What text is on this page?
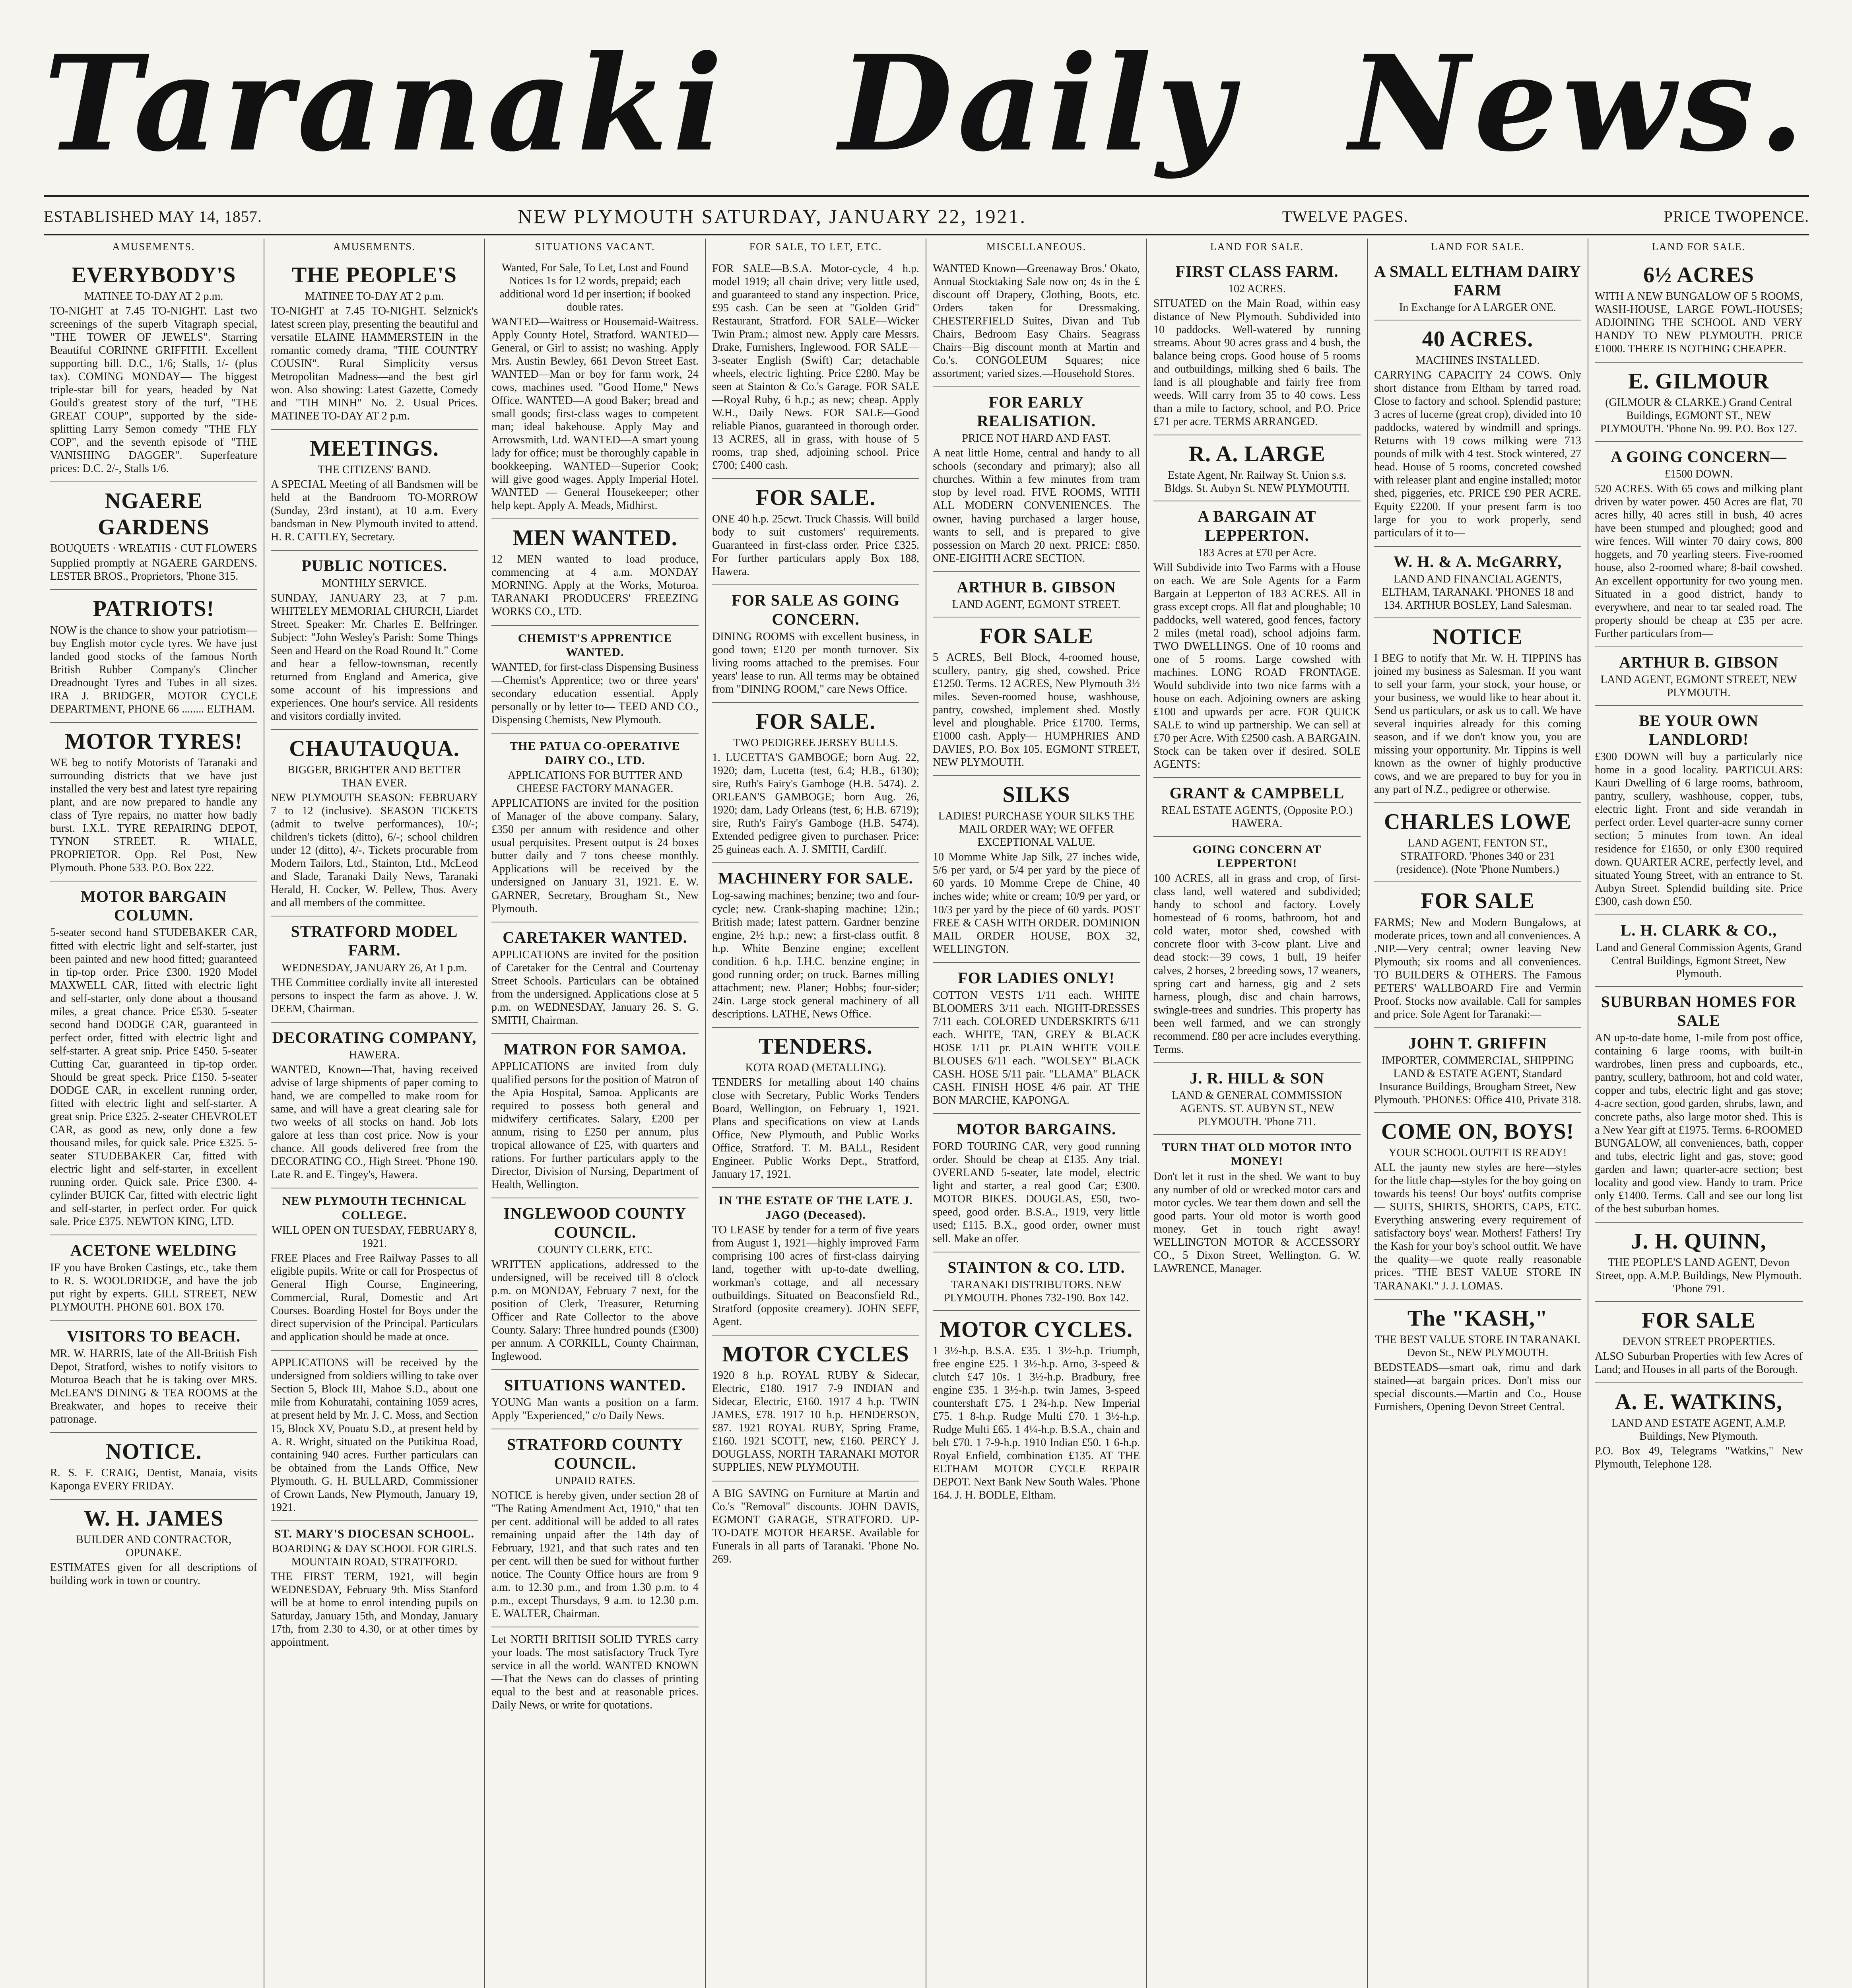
Taranaki Daily News.
ESTABLISHED MAY 14, 1857.	NEW PLYMOUTH SATURDAY, JANUARY 22, 1921.	TWELVE PAGES.	PRICE TWOPENCE.
AMUSEMENTS.
EVERYBODY'S
MATINEE TO-DAY AT 2 p.m.
TO-NIGHT at 7.45 TO-NIGHT. Last two screenings of the superb Vitagraph special, "THE TOWER OF JEWELS". Starring Beautiful CORINNE GRIFFITH. Excellent supporting bill. D.C., 1/6; Stalls, 1/- (plus tax). COMING MONDAY— The biggest triple-star bill for years, headed by Nat Gould's greatest story of the turf, "THE GREAT COUP", supported by the side-splitting Larry Semon comedy "THE FLY COP", and the seventh episode of "THE VANISHING DAGGER". Superfeature prices: D.C. 2/-, Stalls 1/6.
NGAERE GARDENS
BOUQUETS · WREATHS · CUT FLOWERS
Supplied promptly at NGAERE GARDENS. LESTER BROS., Proprietors, 'Phone 315.
PATRIOTS!
NOW is the chance to show your patriotism—buy English motor cycle tyres. We have just landed good stocks of the famous North British Rubber Company's Clincher Dreadnought Tyres and Tubes in all sizes. IRA J. BRIDGER, MOTOR CYCLE DEPARTMENT, PHONE 66 ........ ELTHAM.
MOTOR TYRES!
WE beg to notify Motorists of Taranaki and surrounding districts that we have just installed the very best and latest tyre repairing plant, and are now prepared to handle any class of Tyre repairs, no matter how badly burst. I.X.L. TYRE REPAIRING DEPOT, TYNON STREET. R. WHALE, PROPRIETOR. Opp. Rel Post, New Plymouth. Phone 533. P.O. Box 222.
MOTOR BARGAIN COLUMN.
5-seater second hand STUDEBAKER CAR, fitted with electric light and self-starter, just been painted and new hood fitted; guaranteed in tip-top order. Price £300. 1920 Model MAXWELL CAR, fitted with electric light and self-starter, only done about a thousand miles, a great chance. Price £530. 5-seater second hand DODGE CAR, guaranteed in perfect order, fitted with electric light and self-starter. A great snip. Price £450. 5-seater Cutting Car, guaranteed in tip-top order. Should be great speck. Price £150. 5-seater DODGE CAR, in excellent running order, fitted with electric light and self-starter. A great snip. Price £325. 2-seater CHEVROLET CAR, as good as new, only done a few thousand miles, for quick sale. Price £325. 5-seater STUDEBAKER Car, fitted with electric light and self-starter, in excellent running order. Quick sale. Price £300. 4-cylinder BUICK Car, fitted with electric light and self-starter, in perfect order. For quick sale. Price £375. NEWTON KING, LTD.
ACETONE WELDING
IF you have Broken Castings, etc., take them to R. S. WOOLDRIDGE, and have the job put right by experts. GILL STREET, NEW PLYMOUTH. PHONE 601. BOX 170.
VISITORS TO BEACH.
MR. W. HARRIS, late of the All-British Fish Depot, Stratford, wishes to notify visitors to Moturoa Beach that he is taking over MRS. McLEAN'S DINING & TEA ROOMS at the Breakwater, and hopes to receive their patronage.
NOTICE.
R. S. F. CRAIG, Dentist, Manaia, visits Kaponga EVERY FRIDAY.
W. H. JAMES
BUILDER AND CONTRACTOR, OPUNAKE.
ESTIMATES given for all descriptions of building work in town or country.
AMUSEMENTS.
THE PEOPLE'S
MATINEE TO-DAY AT 2 p.m.
TO-NIGHT at 7.45 TO-NIGHT. Selznick's latest screen play, presenting the beautiful and versatile ELAINE HAMMERSTEIN in the romantic comedy drama, "THE COUNTRY COUSIN". Rural Simplicity versus Metropolitan Madness—and the best girl won. Also showing: Latest Gazette, Comedy and "TIH MINH" No. 2. Usual Prices. MATINEE TO-DAY AT 2 p.m.
MEETINGS.
THE CITIZENS' BAND.
A SPECIAL Meeting of all Bandsmen will be held at the Bandroom TO-MORROW (Sunday, 23rd instant), at 10 a.m. Every bandsman in New Plymouth invited to attend. H. R. CATTLEY, Secretary.
PUBLIC NOTICES.
MONTHLY SERVICE.
SUNDAY, JANUARY 23, at 7 p.m. WHITELEY MEMORIAL CHURCH, Liardet Street. Speaker: Mr. Charles E. Belfringer. Subject: "John Wesley's Parish: Some Things Seen and Heard on the Road Round It." Come and hear a fellow-townsman, recently returned from England and America, give some account of his impressions and experiences. One hour's service. All residents and visitors cordially invited.
CHAUTAUQUA.
BIGGER, BRIGHTER AND BETTER THAN EVER.
NEW PLYMOUTH SEASON: FEBRUARY 7 to 12 (inclusive). SEASON TICKETS (admit to twelve performances), 10/-; children's tickets (ditto), 6/-; school children under 12 (ditto), 4/-. Tickets procurable from Modern Tailors, Ltd., Stainton, Ltd., McLeod and Slade, Taranaki Daily News, Taranaki Herald, H. Cocker, W. Pellew, Thos. Avery and all members of the committee.
STRATFORD MODEL FARM.
WEDNESDAY, JANUARY 26, At 1 p.m.
THE Committee cordially invite all interested persons to inspect the farm as above. J. W. DEEM, Chairman.
DECORATING COMPANY,
HAWERA.
WANTED, Known—That, having received advise of large shipments of paper coming to hand, we are compelled to make room for same, and will have a great clearing sale for two weeks of all stocks on hand. Job lots galore at less than cost price. Now is your chance. All goods delivered free from the DECORATING CO., High Street. 'Phone 190. Late R. and E. Tingey's, Hawera.
NEW PLYMOUTH TECHNICAL COLLEGE.
WILL OPEN ON TUESDAY, FEBRUARY 8, 1921.
FREE Places and Free Railway Passes to all eligible pupils. Write or call for Prospectus of General High Course, Engineering, Commercial, Rural, Domestic and Art Courses. Boarding Hostel for Boys under the direct supervision of the Principal. Particulars and application should be made at once.
APPLICATIONS will be received by the undersigned from soldiers willing to take over Section 5, Block III, Mahoe S.D., about one mile from Kohuratahi, containing 1059 acres, at present held by Mr. J. C. Moss, and Section 15, Block XV, Pouatu S.D., at present held by A. R. Wright, situated on the Putikitua Road, containing 940 acres. Further particulars can be obtained from the Lands Office, New Plymouth. G. H. BULLARD, Commissioner of Crown Lands, New Plymouth, January 19, 1921.
ST. MARY'S DIOCESAN SCHOOL.
BOARDING & DAY SCHOOL FOR GIRLS. MOUNTAIN ROAD, STRATFORD.
THE FIRST TERM, 1921, will begin WEDNESDAY, February 9th. Miss Stanford will be at home to enrol intending pupils on Saturday, January 15th, and Monday, January 17th, from 2.30 to 4.30, or at other times by appointment.
SITUATIONS VACANT.
Wanted, For Sale, To Let, Lost and Found Notices 1s for 12 words, prepaid; each additional word 1d per insertion; if booked double rates.
WANTED—Waitress or Housemaid-Waitress. Apply County Hotel, Stratford. WANTED—General, or Girl to assist; no washing. Apply Mrs. Austin Bewley, 661 Devon Street East. WANTED—Man or boy for farm work, 24 cows, machines used. "Good Home," News Office. WANTED—A good Baker; bread and small goods; first-class wages to competent man; ideal bakehouse. Apply May and Arrowsmith, Ltd. WANTED—A smart young lady for office; must be thoroughly capable in bookkeeping. WANTED—Superior Cook; will give good wages. Apply Imperial Hotel. WANTED — General Housekeeper; other help kept. Apply A. Meads, Midhirst.
MEN WANTED.
12 MEN wanted to load produce, commencing at 4 a.m. MONDAY MORNING. Apply at the Works, Moturoa. TARANAKI PRODUCERS' FREEZING WORKS CO., LTD.
CHEMIST'S APPRENTICE WANTED.
WANTED, for first-class Dispensing Business—Chemist's Apprentice; two or three years' secondary education essential. Apply personally or by letter to— TEED AND CO., Dispensing Chemists, New Plymouth.
THE PATUA CO-OPERATIVE DAIRY CO., LTD.
APPLICATIONS FOR BUTTER AND CHEESE FACTORY MANAGER.
APPLICATIONS are invited for the position of Manager of the above company. Salary, £350 per annum with residence and other usual perquisites. Present output is 24 boxes butter daily and 7 tons cheese monthly. Applications will be received by the undersigned on January 31, 1921. E. W. GARNER, Secretary, Brougham St., New Plymouth.
CARETAKER WANTED.
APPLICATIONS are invited for the position of Caretaker for the Central and Courtenay Street Schools. Particulars can be obtained from the undersigned. Applications close at 5 p.m. on WEDNESDAY, January 26. S. G. SMITH, Chairman.
MATRON FOR SAMOA.
APPLICATIONS are invited from duly qualified persons for the position of Matron of the Apia Hospital, Samoa. Applicants are required to possess both general and midwifery certificates. Salary, £200 per annum, rising to £250 per annum, plus tropical allowance of £25, with quarters and rations. For further particulars apply to the Director, Division of Nursing, Department of Health, Wellington.
INGLEWOOD COUNTY COUNCIL.
COUNTY CLERK, ETC.
WRITTEN applications, addressed to the undersigned, will be received till 8 o'clock p.m. on MONDAY, February 7 next, for the position of Clerk, Treasurer, Returning Officer and Rate Collector to the above County. Salary: Three hundred pounds (£300) per annum. A CORKILL, County Chairman, Inglewood.
SITUATIONS WANTED.
YOUNG Man wants a position on a farm. Apply "Experienced," c/o Daily News.
STRATFORD COUNTY COUNCIL.
UNPAID RATES.
NOTICE is hereby given, under section 28 of "The Rating Amendment Act, 1910," that ten per cent. additional will be added to all rates remaining unpaid after the 14th day of February, 1921, and that such rates and ten per cent. will then be sued for without further notice. The County Office hours are from 9 a.m. to 12.30 p.m., and from 1.30 p.m. to 4 p.m., except Thursdays, 9 a.m. to 12.30 p.m. E. WALTER, Chairman.
Let NORTH BRITISH SOLID TYRES carry your loads. The most satisfactory Truck Tyre service in all the world. WANTED KNOWN—That the News can do classes of printing equal to the best and at reasonable prices. Daily News, or write for quotations.
FOR SALE, TO LET, ETC.
FOR SALE—B.S.A. Motor-cycle, 4 h.p. model 1919; all chain drive; very little used, and guaranteed to stand any inspection. Price, £95 cash. Can be seen at "Golden Grid" Restaurant, Stratford. FOR SALE—Wicker Twin Pram.; almost new. Apply care Messrs. Drake, Furnishers, Inglewood. FOR SALE—3-seater English (Swift) Car; detachable wheels, electric lighting. Price £280. May be seen at Stainton & Co.'s Garage. FOR SALE—Royal Ruby, 6 h.p.; as new; cheap. Apply W.H., Daily News. FOR SALE—Good reliable Pianos, guaranteed in thorough order. 13 ACRES, all in grass, with house of 5 rooms, trap shed, adjoining school. Price £700; £400 cash.
FOR SALE.
ONE 40 h.p. 25cwt. Truck Chassis. Will build body to suit customers' requirements. Guaranteed in first-class order. Price £325. For further particulars apply Box 188, Hawera.
FOR SALE AS GOING CONCERN.
DINING ROOMS with excellent business, in good town; £120 per month turnover. Six living rooms attached to the premises. Four years' lease to run. All terms may be obtained from "DINING ROOM," care News Office.
FOR SALE.
TWO PEDIGREE JERSEY BULLS.
1. LUCETTA'S GAMBOGE; born Aug. 22, 1920; dam, Lucetta (test, 6.4; H.B., 6130); sire, Ruth's Fairy's Gamboge (H.B. 5474). 2. ORLEAN'S GAMBOGE; born Aug. 26, 1920; dam, Lady Orleans (test, 6; H.B. 6719); sire, Ruth's Fairy's Gamboge (H.B. 5474). Extended pedigree given to purchaser. Price: 25 guineas each. A. J. SMITH, Cardiff.
MACHINERY FOR SALE.
Log-sawing machines; benzine; two and four-cycle; new. Crank-shaping machine; 12in.; British made; latest pattern. Gardner benzine engine, 2½ h.p.; new; a first-class outfit. 8 h.p. White Benzine engine; excellent condition. 6 h.p. I.H.C. benzine engine; in good running order; on truck. Barnes milling attachment; new. Planer; Hobbs; four-sider; 24in. Large stock general machinery of all descriptions. LATHE, News Office.
TENDERS.
KOTA ROAD (METALLING).
TENDERS for metalling about 140 chains close with Secretary, Public Works Tenders Board, Wellington, on February 1, 1921. Plans and specifications on view at Lands Office, New Plymouth, and Public Works Office, Stratford. T. M. BALL, Resident Engineer. Public Works Dept., Stratford, January 17, 1921.
IN THE ESTATE OF THE LATE J. JAGO (Deceased).
TO LEASE by tender for a term of five years from August 1, 1921—highly improved Farm comprising 100 acres of first-class dairying land, together with up-to-date dwelling, workman's cottage, and all necessary outbuildings. Situated on Beaconsfield Rd., Stratford (opposite creamery). JOHN SEFF, Agent.
MOTOR CYCLES
1920 8 h.p. ROYAL RUBY & Sidecar, Electric, £180. 1917 7-9 INDIAN and Sidecar, Electric, £160. 1917 4 h.p. TWIN JAMES, £78. 1917 10 h.p. HENDERSON, £87. 1921 ROYAL RUBY, Spring Frame, £160. 1921 SCOTT, new, £160. PERCY J. DOUGLASS, NORTH TARANAKI MOTOR SUPPLIES, NEW PLYMOUTH.
A BIG SAVING on Furniture at Martin and Co.'s "Removal" discounts. JOHN DAVIS, EGMONT GARAGE, STRATFORD. UP-TO-DATE MOTOR HEARSE. Available for Funerals in all parts of Taranaki. 'Phone No. 269.
MISCELLANEOUS.
WANTED Known—Greenaway Bros.' Okato, Annual Stocktaking Sale now on; 4s in the £ discount off Drapery, Clothing, Boots, etc. Orders taken for Dressmaking. CHESTERFIELD Suites, Divan and Tub Chairs, Bedroom Easy Chairs. Seagrass Chairs—Big discount month at Martin and Co.'s. CONGOLEUM Squares; nice assortment; varied sizes.—Household Stores.
FOR EARLY REALISATION.
PRICE NOT HARD AND FAST.
A neat little Home, central and handy to all schools (secondary and primary); also all churches. Within a few minutes from tram stop by level road. FIVE ROOMS, WITH ALL MODERN CONVENIENCES. The owner, having purchased a larger house, wants to sell, and is prepared to give possession on March 20 next. PRICE: £850. ONE-EIGHTH ACRE SECTION.
ARTHUR B. GIBSON
LAND AGENT, EGMONT STREET.
FOR SALE
5 ACRES, Bell Block, 4-roomed house, scullery, pantry, gig shed, cowshed. Price £1250. Terms. 12 ACRES, New Plymouth 3½ miles. Seven-roomed house, washhouse, pantry, cowshed, implement shed. Mostly level and ploughable. Price £1700. Terms, £1000 cash. Apply— HUMPHRIES AND DAVIES, P.O. Box 105. EGMONT STREET, NEW PLYMOUTH.
SILKS
LADIES! PURCHASE YOUR SILKS THE MAIL ORDER WAY; WE OFFER EXCEPTIONAL VALUE.
10 Momme White Jap Silk, 27 inches wide, 5/6 per yard, or 5/4 per yard by the piece of 60 yards. 10 Momme Crepe de Chine, 40 inches wide; white or cream; 10/9 per yard, or 10/3 per yard by the piece of 60 yards. POST FREE & CASH WITH ORDER. DOMINION MAIL ORDER HOUSE, BOX 32, WELLINGTON.
FOR LADIES ONLY!
COTTON VESTS 1/11 each. WHITE BLOOMERS 3/11 each. NIGHT-DRESSES 7/11 each. COLORED UNDERSKIRTS 6/11 each. WHITE, TAN, GREY & BLACK HOSE 1/11 pr. PLAIN WHITE VOILE BLOUSES 6/11 each. "WOLSEY" BLACK CASH. HOSE 5/11 pair. "LLAMA" BLACK CASH. FINISH HOSE 4/6 pair. AT THE BON MARCHE, KAPONGA.
MOTOR BARGAINS.
FORD TOURING CAR, very good running order. Should be cheap at £135. Any trial. OVERLAND 5-seater, late model, electric light and starter, a real good Car; £300. MOTOR BIKES. DOUGLAS, £50, two-speed, good order. B.S.A., 1919, very little used; £115. B.X., good order, owner must sell. Make an offer.
STAINTON & CO. LTD.
TARANAKI DISTRIBUTORS. NEW PLYMOUTH. Phones 732-190. Box 142.
MOTOR CYCLES.
1 3½-h.p. B.S.A. £35. 1 3½-h.p. Triumph, free engine £25. 1 3½-h.p. Arno, 3-speed & clutch £47 10s. 1 3½-h.p. Bradbury, free engine £35. 1 3½-h.p. twin James, 3-speed countershaft £75. 1 2¾-h.p. New Imperial £75. 1 8-h.p. Rudge Multi £70. 1 3½-h.p. Rudge Multi £65. 1 4¼-h.p. B.S.A., chain and belt £70. 1 7-9-h.p. 1910 Indian £50. 1 6-h.p. Royal Enfield, combination £135. AT THE ELTHAM MOTOR CYCLE REPAIR DEPOT. Next Bank New South Wales. 'Phone 164. J. H. BODLE, Eltham.
LAND FOR SALE.
FIRST CLASS FARM.
102 ACRES.
SITUATED on the Main Road, within easy distance of New Plymouth. Subdivided into 10 paddocks. Well-watered by running streams. About 90 acres grass and 4 bush, the balance being crops. Good house of 5 rooms and outbuildings, milking shed 6 bails. The land is all ploughable and fairly free from weeds. Will carry from 35 to 40 cows. Less than a mile to factory, school, and P.O. Price £71 per acre. TERMS ARRANGED.
R. A. LARGE
Estate Agent, Nr. Railway St. Union s.s. Bldgs. St. Aubyn St. NEW PLYMOUTH.
A BARGAIN AT LEPPERTON.
183 Acres at £70 per Acre.
Will Subdivide into Two Farms with a House on each. We are Sole Agents for a Farm Bargain at Lepperton of 183 ACRES. All in grass except crops. All flat and ploughable; 10 paddocks, well watered, good fences, factory 2 miles (metal road), school adjoins farm. TWO DWELLINGS. One of 10 rooms and one of 5 rooms. Large cowshed with machines. LONG ROAD FRONTAGE. Would subdivide into two nice farms with a house on each. Adjoining owners are asking £100 and upwards per acre. FOR QUICK SALE to wind up partnership. We can sell at £70 per Acre. With £2500 cash. A BARGAIN. Stock can be taken over if desired. SOLE AGENTS:
GRANT & CAMPBELL
REAL ESTATE AGENTS, (Opposite P.O.) HAWERA.
GOING CONCERN AT LEPPERTON!
100 ACRES, all in grass and crop, of first-class land, well watered and subdivided; handy to school and factory. Lovely homestead of 6 rooms, bathroom, hot and cold water, motor shed, cowshed with concrete floor with 3-cow plant. Live and dead stock:—39 cows, 1 bull, 19 heifer calves, 2 horses, 2 breeding sows, 17 weaners, spring cart and harness, gig and 2 sets harness, plough, disc and chain harrows, swingle-trees and sundries. This property has been well farmed, and we can strongly recommend. £80 per acre includes everything. Terms.
J. R. HILL & SON
LAND & GENERAL COMMISSION AGENTS. ST. AUBYN ST., NEW PLYMOUTH. 'Phone 711.
TURN THAT OLD MOTOR INTO MONEY!
Don't let it rust in the shed. We want to buy any number of old or wrecked motor cars and motor cycles. We tear them down and sell the good parts. Your old motor is worth good money. Get in touch right away! WELLINGTON MOTOR & ACCESSORY CO., 5 Dixon Street, Wellington. G. W. LAWRENCE, Manager.
LAND FOR SALE.
A SMALL ELTHAM DAIRY FARM
In Exchange for A LARGER ONE.
40 ACRES.
MACHINES INSTALLED.
CARRYING CAPACITY 24 COWS. Only short distance from Eltham by tarred road. Close to factory and school. Splendid pasture; 3 acres of lucerne (great crop), divided into 10 paddocks, watered by windmill and springs. Returns with 19 cows milking were 713 pounds of milk with 4 test. Stock wintered, 27 head. House of 5 rooms, concreted cowshed with releaser plant and engine installed; motor shed, piggeries, etc. PRICE £90 PER ACRE. Equity £2200. If your present farm is too large for you to work properly, send particulars of it to—
W. H. & A. McGARRY,
LAND AND FINANCIAL AGENTS, ELTHAM, TARANAKI. 'PHONES 18 and 134. ARTHUR BOSLEY, Land Salesman.
NOTICE
I BEG to notify that Mr. W. H. TIPPINS has joined my business as Salesman. If you want to sell your farm, your stock, your house, or your business, we would like to hear about it. Send us particulars, or ask us to call. We have several inquiries already for this coming season, and if we don't know you, you are missing your opportunity. Mr. Tippins is well known as the owner of highly productive cows, and we are prepared to buy for you in any part of N.Z., pedigree or otherwise.
CHARLES LOWE
LAND AGENT, FENTON ST., STRATFORD. 'Phones 340 or 231 (residence). (Note 'Phone Numbers.)
FOR SALE
FARMS; New and Modern Bungalows, at moderate prices, town and all conveniences. A .NIP.—Very central; owner leaving New Plymouth; six rooms and all conveniences. TO BUILDERS & OTHERS. The Famous PETERS' WALLBOARD Fire and Vermin Proof. Stocks now available. Call for samples and price. Sole Agent for Taranaki:—
JOHN T. GRIFFIN
IMPORTER, COMMERCIAL, SHIPPING LAND & ESTATE AGENT, Standard Insurance Buildings, Brougham Street, New Plymouth. 'PHONES: Office 410, Private 318.
COME ON, BOYS!
YOUR SCHOOL OUTFIT IS READY!
ALL the jaunty new styles are here—styles for the little chap—styles for the boy going on towards his teens! Our boys' outfits comprise— SUITS, SHIRTS, SHORTS, CAPS, ETC. Everything answering every requirement of satisfactory boys' wear. Mothers! Fathers! Try the Kash for your boy's school outfit. We have the quality—we quote really reasonable prices. "THE BEST VALUE STORE IN TARANAKI." J. J. LOMAS.
The "KASH,"
THE BEST VALUE STORE IN TARANAKI. Devon St., NEW PLYMOUTH.
BEDSTEADS—smart oak, rimu and dark stained—at bargain prices. Don't miss our special discounts.—Martin and Co., House Furnishers, Opening Devon Street Central.
LAND FOR SALE.
6½ ACRES
WITH A NEW BUNGALOW OF 5 ROOMS, WASH-HOUSE, LARGE FOWL-HOUSES; ADJOINING THE SCHOOL AND VERY HANDY TO NEW PLYMOUTH. PRICE £1000. THERE IS NOTHING CHEAPER.
E. GILMOUR
(GILMOUR & CLARKE.) Grand Central Buildings, EGMONT ST., NEW PLYMOUTH. 'Phone No. 99. P.O. Box 127.
A GOING CONCERN—
£1500 DOWN.
520 ACRES. With 65 cows and milking plant driven by water power. 450 Acres are flat, 70 acres hilly, 40 acres still in bush, 40 acres have been stumped and ploughed; good and wire fences. Will winter 70 dairy cows, 800 hoggets, and 70 yearling steers. Five-roomed house, also 2-roomed whare; 8-bail cowshed. An excellent opportunity for two young men. Situated in a good district, handy to everywhere, and near to tar sealed road. The property should be cheap at £35 per acre. Further particulars from—
ARTHUR B. GIBSON
LAND AGENT, EGMONT STREET, NEW PLYMOUTH.
BE YOUR OWN LANDLORD!
£300 DOWN will buy a particularly nice home in a good locality. PARTICULARS: Kauri Dwelling of 6 large rooms, bathroom, pantry, scullery, washhouse, copper, tubs, electric light. Front and side verandah in perfect order. Level quarter-acre sunny corner section; 5 minutes from town. An ideal residence for £1650, or only £300 required down. QUARTER ACRE, perfectly level, and situated Young Street, with an entrance to St. Aubyn Street. Splendid building site. Price £300, cash down £50.
L. H. CLARK & CO.,
Land and General Commission Agents, Grand Central Buildings, Egmont Street, New Plymouth.
SUBURBAN HOMES FOR SALE
AN up-to-date home, 1-mile from post office, containing 6 large rooms, with built-in wardrobes, linen press and cupboards, etc., pantry, scullery, bathroom, hot and cold water, copper and tubs, electric light and gas stove; 4-acre section, good garden, shrubs, lawn, and concrete paths, also large motor shed. This is a New Year gift at £1975. Terms. 6-ROOMED BUNGALOW, all conveniences, bath, copper and tubs, electric light and gas, stove; good garden and lawn; quarter-acre section; best locality and good view. Handy to tram. Price only £1400. Terms. Call and see our long list of the best suburban homes.
J. H. QUINN,
THE PEOPLE'S LAND AGENT, Devon Street, opp. A.M.P. Buildings, New Plymouth. 'Phone 791.
FOR SALE
DEVON STREET PROPERTIES.
ALSO Suburban Properties with few Acres of Land; and Houses in all parts of the Borough.
A. E. WATKINS,
LAND AND ESTATE AGENT, A.M.P. Buildings, New Plymouth.
P.O. Box 49, Telegrams "Watkins," New Plymouth, Telephone 128.
